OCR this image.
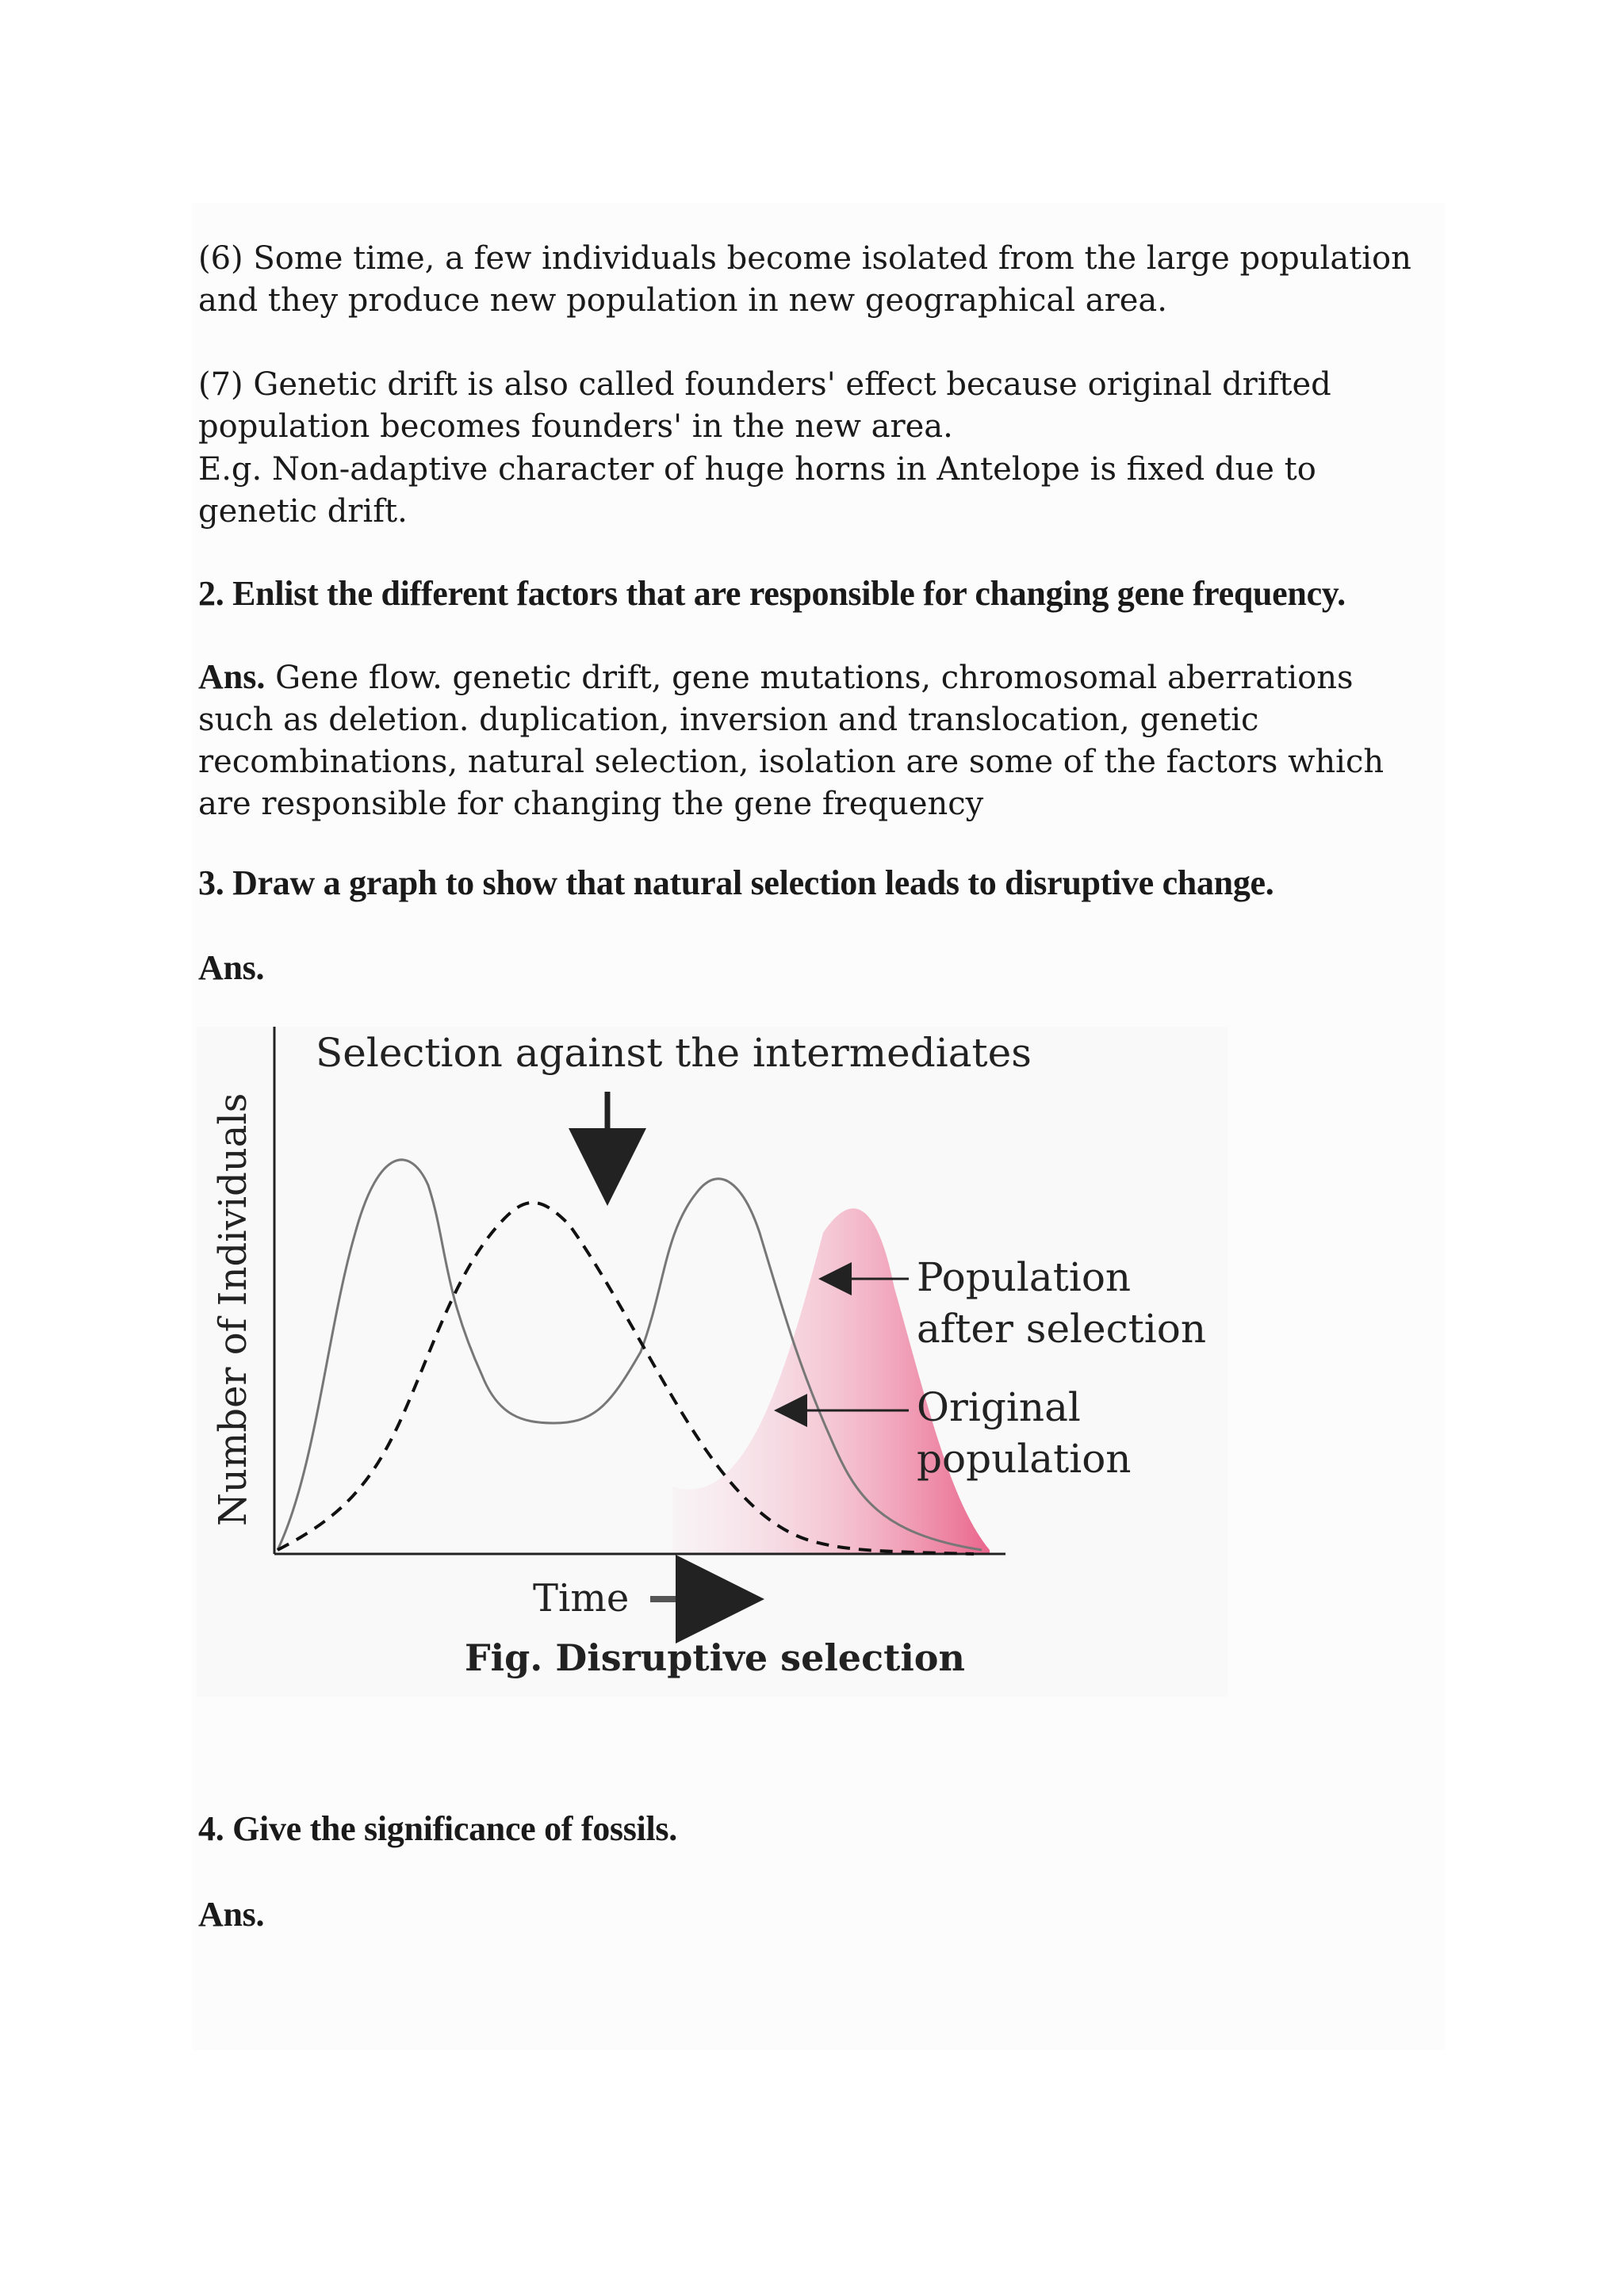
(6) Some time, a few individuals become isolated from the large population and they produce new population in new geographical area.

(7) Genetic drift is also called founders' effect because original drifted population becomes founders' in the new area.

E.g. Non-adaptive character of huge horns in Antelope is fixed due to genetic drift.

2. Enlist the different factors that are responsible for changing gene frequency.

Ans. Gene flow. genetic drift, gene mutations, chromosomal aberrations such as deletion. duplication, inversion and translocation, genetic recombinations, natural selection, isolation are some of the factors which are responsible for changing the gene frequency

3. Draw a graph to show that natural selection leads to disruptive change.

Ans.

Selection against the intermediates
Number of Individuals	Population
after selection
Original
population
Time
Fig. Disruptive selection

4. Give the significance of fossils.

Ans.
